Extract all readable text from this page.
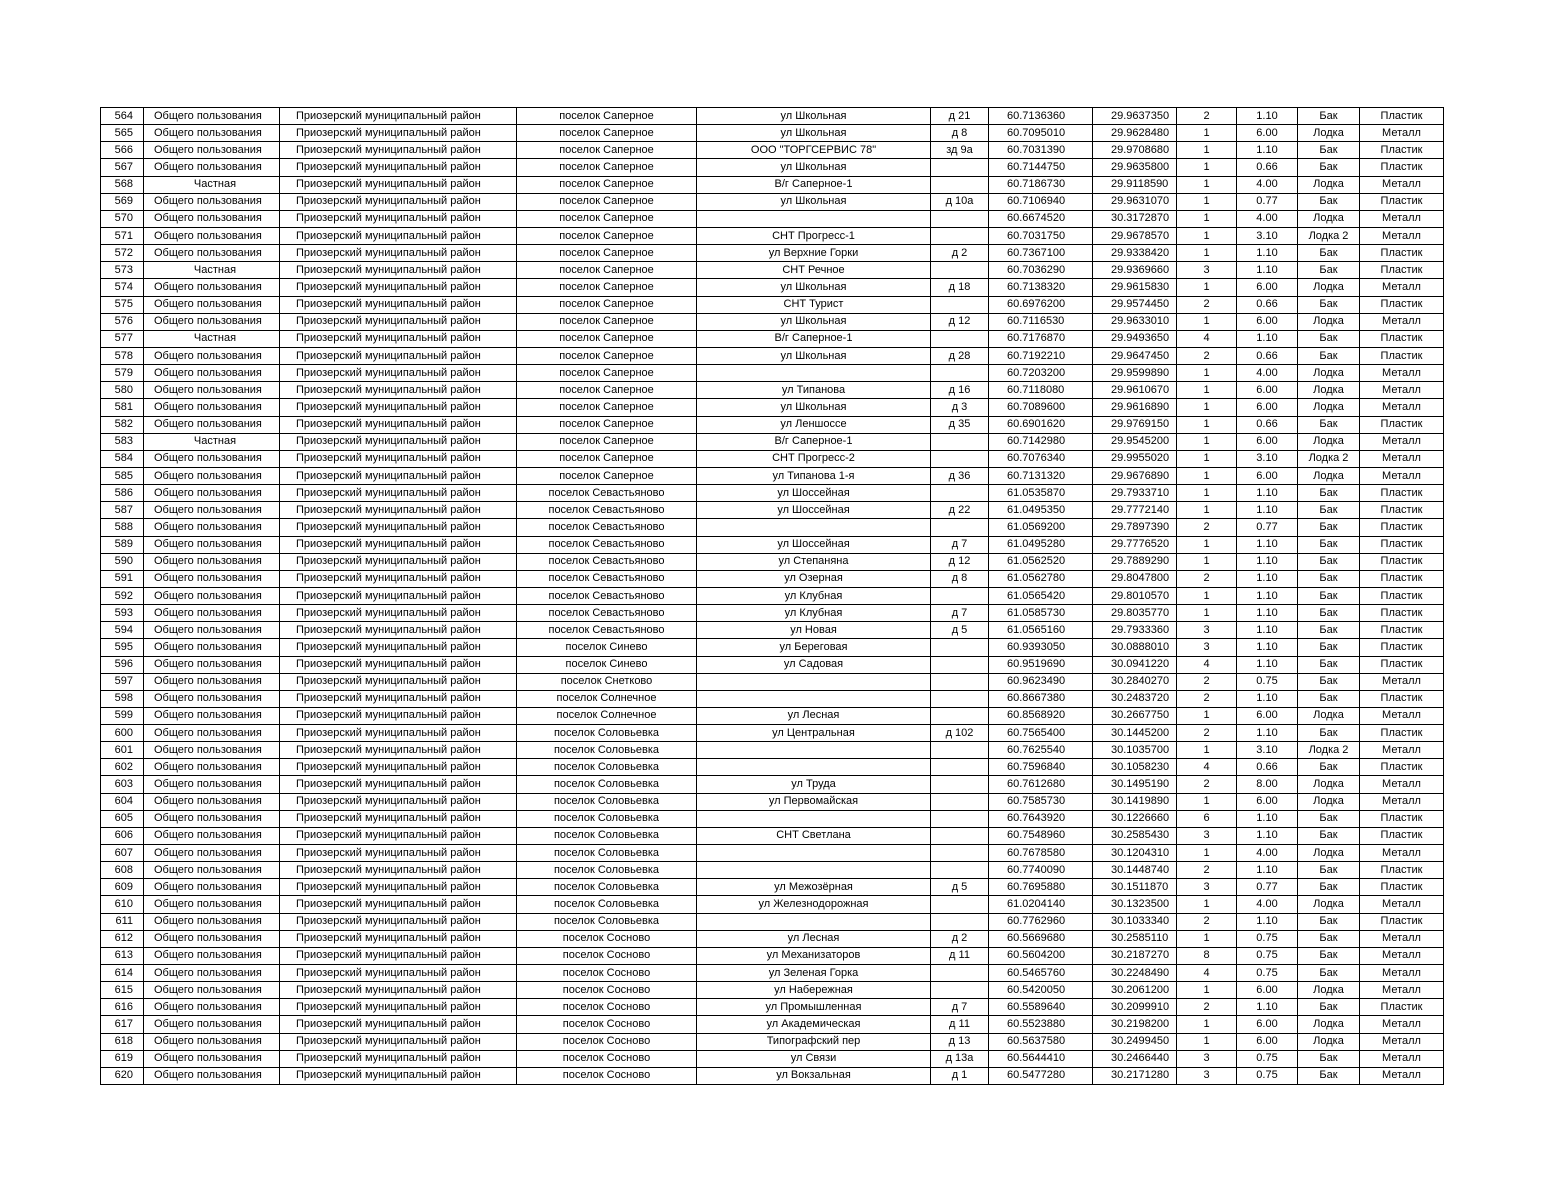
564	Общего пользования	Приозерский муниципальный район	поселок Саперное	ул Школьная	д 21	60.7136360	29.9637350	2	1.10	Бак	Пластик
565	Общего пользования	Приозерский муниципальный район	поселок Саперное	ул Школьная	д 8	60.7095010	29.9628480	1	6.00	Лодка	Металл
566	Общего пользования	Приозерский муниципальный район	поселок Саперное	ООО "ТОРГСЕРВИС 78"	зд 9а	60.7031390	29.9708680	1	1.10	Бак	Пластик
567	Общего пользования	Приозерский муниципальный район	поселок Саперное	ул Школьная		60.7144750	29.9635800	1	0.66	Бак	Пластик
568	Частная	Приозерский муниципальный район	поселок Саперное	В/г Саперное-1		60.7186730	29.9118590	1	4.00	Лодка	Металл
569	Общего пользования	Приозерский муниципальный район	поселок Саперное	ул Школьная	д 10а	60.7106940	29.9631070	1	0.77	Бак	Пластик
570	Общего пользования	Приозерский муниципальный район	поселок Саперное			60.6674520	30.3172870	1	4.00	Лодка	Металл
571	Общего пользования	Приозерский муниципальный район	поселок Саперное	СНТ Прогресс-1		60.7031750	29.9678570	1	3.10	Лодка 2	Металл
572	Общего пользования	Приозерский муниципальный район	поселок Саперное	ул Верхние Горки	д 2	60.7367100	29.9338420	1	1.10	Бак	Пластик
573	Частная	Приозерский муниципальный район	поселок Саперное	СНТ Речное		60.7036290	29.9369660	3	1.10	Бак	Пластик
574	Общего пользования	Приозерский муниципальный район	поселок Саперное	ул Школьная	д 18	60.7138320	29.9615830	1	6.00	Лодка	Металл
575	Общего пользования	Приозерский муниципальный район	поселок Саперное	СНТ Турист		60.6976200	29.9574450	2	0.66	Бак	Пластик
576	Общего пользования	Приозерский муниципальный район	поселок Саперное	ул Школьная	д 12	60.7116530	29.9633010	1	6.00	Лодка	Металл
577	Частная	Приозерский муниципальный район	поселок Саперное	В/г Саперное-1		60.7176870	29.9493650	4	1.10	Бак	Пластик
578	Общего пользования	Приозерский муниципальный район	поселок Саперное	ул Школьная	д 28	60.7192210	29.9647450	2	0.66	Бак	Пластик
579	Общего пользования	Приозерский муниципальный район	поселок Саперное			60.7203200	29.9599890	1	4.00	Лодка	Металл
580	Общего пользования	Приозерский муниципальный район	поселок Саперное	ул Типанова	д 16	60.7118080	29.9610670	1	6.00	Лодка	Металл
581	Общего пользования	Приозерский муниципальный район	поселок Саперное	ул Школьная	д 3	60.7089600	29.9616890	1	6.00	Лодка	Металл
582	Общего пользования	Приозерский муниципальный район	поселок Саперное	ул Леншоссе	д 35	60.6901620	29.9769150	1	0.66	Бак	Пластик
583	Частная	Приозерский муниципальный район	поселок Саперное	В/г Саперное-1		60.7142980	29.9545200	1	6.00	Лодка	Металл
584	Общего пользования	Приозерский муниципальный район	поселок Саперное	СНТ Прогресс-2		60.7076340	29.9955020	1	3.10	Лодка 2	Металл
585	Общего пользования	Приозерский муниципальный район	поселок Саперное	ул Типанова 1-я	д 36	60.7131320	29.9676890	1	6.00	Лодка	Металл
586	Общего пользования	Приозерский муниципальный район	поселок Севастьяново	ул Шоссейная		61.0535870	29.7933710	1	1.10	Бак	Пластик
587	Общего пользования	Приозерский муниципальный район	поселок Севастьяново	ул Шоссейная	д 22	61.0495350	29.7772140	1	1.10	Бак	Пластик
588	Общего пользования	Приозерский муниципальный район	поселок Севастьяново			61.0569200	29.7897390	2	0.77	Бак	Пластик
589	Общего пользования	Приозерский муниципальный район	поселок Севастьяново	ул Шоссейная	д 7	61.0495280	29.7776520	1	1.10	Бак	Пластик
590	Общего пользования	Приозерский муниципальный район	поселок Севастьяново	ул Степаняна	д 12	61.0562520	29.7889290	1	1.10	Бак	Пластик
591	Общего пользования	Приозерский муниципальный район	поселок Севастьяново	ул Озерная	д 8	61.0562780	29.8047800	2	1.10	Бак	Пластик
592	Общего пользования	Приозерский муниципальный район	поселок Севастьяново	ул Клубная		61.0565420	29.8010570	1	1.10	Бак	Пластик
593	Общего пользования	Приозерский муниципальный район	поселок Севастьяново	ул Клубная	д 7	61.0585730	29.8035770	1	1.10	Бак	Пластик
594	Общего пользования	Приозерский муниципальный район	поселок Севастьяново	ул Новая	д 5	61.0565160	29.7933360	3	1.10	Бак	Пластик
595	Общего пользования	Приозерский муниципальный район	поселок Синево	ул Береговая		60.9393050	30.0888010	3	1.10	Бак	Пластик
596	Общего пользования	Приозерский муниципальный район	поселок Синево	ул Садовая		60.9519690	30.0941220	4	1.10	Бак	Пластик
597	Общего пользования	Приозерский муниципальный район	поселок Снетково			60.9623490	30.2840270	2	0.75	Бак	Металл
598	Общего пользования	Приозерский муниципальный район	поселок Солнечное			60.8667380	30.2483720	2	1.10	Бак	Пластик
599	Общего пользования	Приозерский муниципальный район	поселок Солнечное	ул Лесная		60.8568920	30.2667750	1	6.00	Лодка	Металл
600	Общего пользования	Приозерский муниципальный район	поселок Соловьевка	ул Центральная	д 102	60.7565400	30.1445200	2	1.10	Бак	Пластик
601	Общего пользования	Приозерский муниципальный район	поселок Соловьевка			60.7625540	30.1035700	1	3.10	Лодка 2	Металл
602	Общего пользования	Приозерский муниципальный район	поселок Соловьевка			60.7596840	30.1058230	4	0.66	Бак	Пластик
603	Общего пользования	Приозерский муниципальный район	поселок Соловьевка	ул Труда		60.7612680	30.1495190	2	8.00	Лодка	Металл
604	Общего пользования	Приозерский муниципальный район	поселок Соловьевка	ул Первомайская		60.7585730	30.1419890	1	6.00	Лодка	Металл
605	Общего пользования	Приозерский муниципальный район	поселок Соловьевка			60.7643920	30.1226660	6	1.10	Бак	Пластик
606	Общего пользования	Приозерский муниципальный район	поселок Соловьевка	СНТ Светлана		60.7548960	30.2585430	3	1.10	Бак	Пластик
607	Общего пользования	Приозерский муниципальный район	поселок Соловьевка			60.7678580	30.1204310	1	4.00	Лодка	Металл
608	Общего пользования	Приозерский муниципальный район	поселок Соловьевка			60.7740090	30.1448740	2	1.10	Бак	Пластик
609	Общего пользования	Приозерский муниципальный район	поселок Соловьевка	ул Межозёрная	д 5	60.7695880	30.1511870	3	0.77	Бак	Пластик
610	Общего пользования	Приозерский муниципальный район	поселок Соловьевка	ул Железнодорожная		61.0204140	30.1323500	1	4.00	Лодка	Металл
611	Общего пользования	Приозерский муниципальный район	поселок Соловьевка			60.7762960	30.1033340	2	1.10	Бак	Пластик
612	Общего пользования	Приозерский муниципальный район	поселок Сосново	ул Лесная	д 2	60.5669680	30.2585110	1	0.75	Бак	Металл
613	Общего пользования	Приозерский муниципальный район	поселок Сосново	ул Механизаторов	д 11	60.5604200	30.2187270	8	0.75	Бак	Металл
614	Общего пользования	Приозерский муниципальный район	поселок Сосново	ул Зеленая Горка		60.5465760	30.2248490	4	0.75	Бак	Металл
615	Общего пользования	Приозерский муниципальный район	поселок Сосново	ул Набережная		60.5420050	30.2061200	1	6.00	Лодка	Металл
616	Общего пользования	Приозерский муниципальный район	поселок Сосново	ул Промышленная	д 7	60.5589640	30.2099910	2	1.10	Бак	Пластик
617	Общего пользования	Приозерский муниципальный район	поселок Сосново	ул Академическая	д 11	60.5523880	30.2198200	1	6.00	Лодка	Металл
618	Общего пользования	Приозерский муниципальный район	поселок Сосново	Типографский пер	д 13	60.5637580	30.2499450	1	6.00	Лодка	Металл
619	Общего пользования	Приозерский муниципальный район	поселок Сосново	ул Связи	д 13а	60.5644410	30.2466440	3	0.75	Бак	Металл
620	Общего пользования	Приозерский муниципальный район	поселок Сосново	ул Вокзальная	д 1	60.5477280	30.2171280	3	0.75	Бак	Металл
